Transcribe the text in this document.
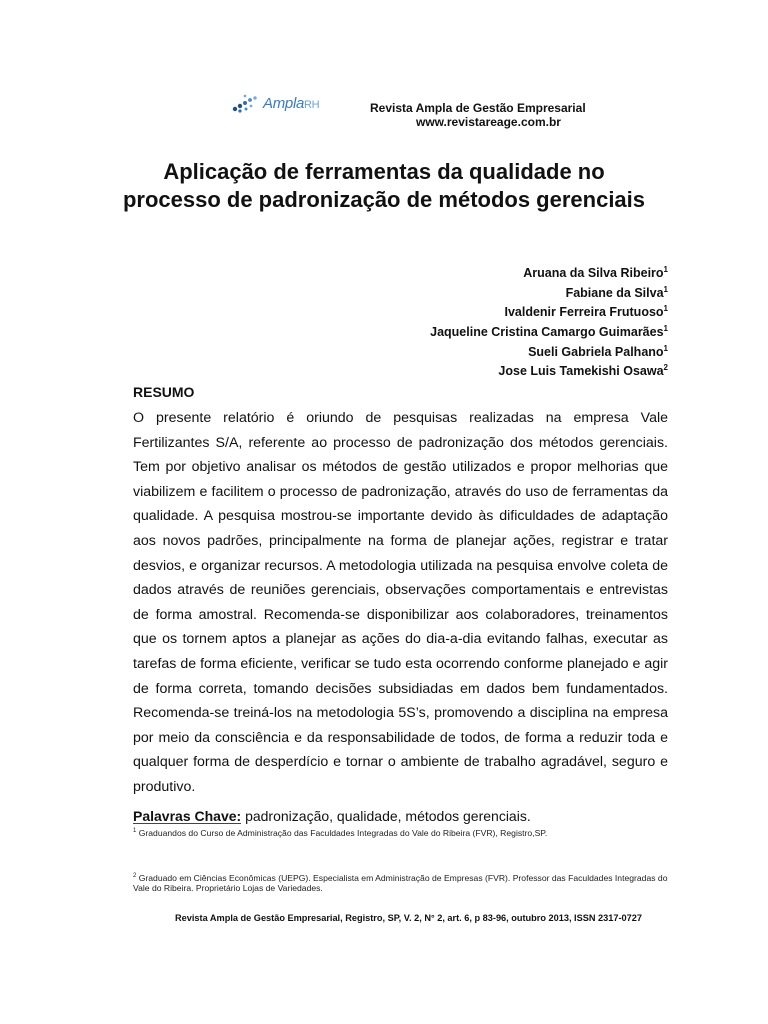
AmplaRH	Revista Ampla de Gestão Empresarial
www.revistareage.com.br
Aplicação de ferramentas da qualidade no processo de padronização de métodos gerenciais
Aruana da Silva Ribeiro$^1$
Fabiane da Silva$^1$
Ivaldenir Ferreira Frutuoso$^1$
Jaqueline Cristina Camargo Guimarães$^1$
Sueli Gabriela Palhano$^1$
Jose Luis Tamekishi Osawa$^2$
RESUMO
O presente relatório é oriundo de pesquisas realizadas na empresa Vale Fertilizantes S/A, referente ao processo de padronização dos métodos gerenciais. Tem por objetivo analisar os métodos de gestão utilizados e propor melhorias que viabilizem e facilitem o processo de padronização, através do uso de ferramentas da qualidade. A pesquisa mostrou-se importante devido às dificuldades de adaptação aos novos padrões, principalmente na forma de planejar ações, registrar e tratar desvios, e organizar recursos. A metodologia utilizada na pesquisa envolve coleta de dados através de reuniões gerenciais, observações comportamentais e entrevistas de forma amostral. Recomenda-se disponibilizar aos colaboradores, treinamentos que os tornem aptos a planejar as ações do dia-a-dia evitando falhas, executar as tarefas de forma eficiente, verificar se tudo esta ocorrendo conforme planejado e agir de forma correta, tomando decisões subsidiadas em dados bem fundamentados. Recomenda-se treiná-los na metodologia 5S’s, promovendo a disciplina na empresa por meio da consciência e da responsabilidade de todos, de forma a reduzir toda e qualquer forma de desperdício e tornar o ambiente de trabalho agradável, seguro e produtivo.
Palavras Chave: padronização, qualidade, métodos gerenciais.
$^1$ Graduandos do Curso de Administração das Faculdades Integradas do Vale do Ribeira (FVR), Registro,SP.
$^2$ Graduado em Ciências Econômicas (UEPG). Especialista em Administração de Empresas (FVR). Professor das Faculdades Integradas do Vale do Ribeira. Proprietário Lojas de Variedades.
Revista Ampla de Gestão Empresarial, Registro, SP, V. 2, N° 2, art. 6, p 83-96, outubro 2013, ISSN 2317-0727
